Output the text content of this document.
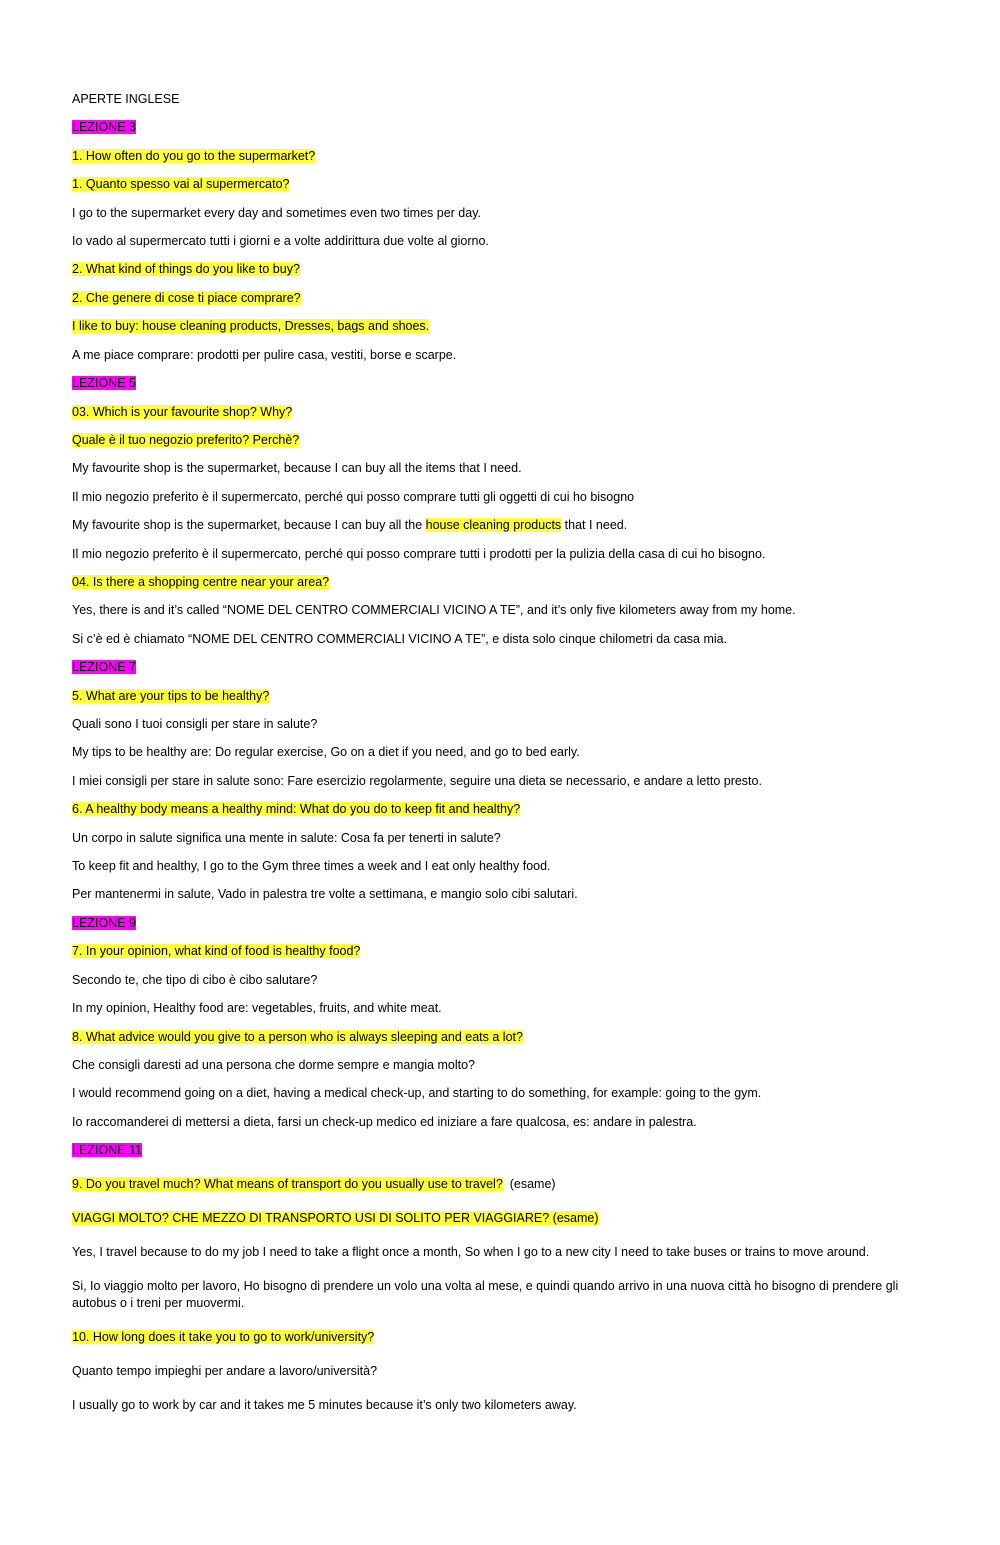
APERTE INGLESE
LEZIONE 3
1. How often do you go to the supermarket?
1. Quanto spesso vai al supermercato?
I go to the supermarket every day and sometimes even two times per day.
Io vado al supermercato tutti i giorni e a volte addirittura due volte al giorno.
2. What kind of things do you like to buy?
2. Che genere di cose ti piace comprare?
I like to buy: house cleaning products, Dresses, bags and shoes.
A me piace comprare: prodotti per pulire casa, vestiti, borse e scarpe.
LEZIONE 5
03. Which is your favourite shop? Why?
Quale è il tuo negozio preferito? Perchè?
My favourite shop is the supermarket, because I can buy all the items that I need.
Il mio negozio preferito è il supermercato, perché qui posso comprare tutti gli oggetti di cui ho bisogno
My favourite shop is the supermarket, because I can buy all the house cleaning products that I need.
Il mio negozio preferito è il supermercato, perché qui posso comprare tutti i prodotti per la pulizia della casa di cui ho bisogno.
04. Is there a shopping centre near your area?
Yes, there is and it’s called “NOME DEL CENTRO COMMERCIALI VICINO A TE”, and it’s only five kilometers away from my home.
Si c’è ed è chiamato “NOME DEL CENTRO COMMERCIALI VICINO A TE”, e dista solo cinque chilometri da casa mia.
LEZIONE 7
5. What are your tips to be healthy?
Quali sono I tuoi consigli per stare in salute?
My tips to be healthy are: Do regular exercise, Go on a diet if you need, and go to bed early.
I miei consigli per stare in salute sono: Fare esercizio regolarmente, seguire una dieta se necessario, e andare a letto presto.
6. A healthy body means a healthy mind: What do you do to keep fit and healthy?
Un corpo in salute significa una mente in salute: Cosa fa per tenerti in salute?
To keep fit and healthy, I go to the Gym three times a week and I eat only healthy food.
Per mantenermi in salute, Vado in palestra tre volte a settimana, e mangio solo cibi salutari.
LEZIONE 9
7. In your opinion, what kind of food is healthy food?
Secondo te, che tipo di cibo è cibo salutare?
In my opinion, Healthy food are: vegetables, fruits, and white meat.
8. What advice would you give to a person who is always sleeping and eats a lot?
Che consigli daresti ad una persona che dorme sempre e mangia molto?
I would recommend going on a diet, having a medical check-up, and starting to do something, for example: going to the gym.
Io raccomanderei di mettersi a dieta, farsi un check-up medico ed iniziare a fare qualcosa, es: andare in palestra.
LEZIONE 11
9. Do you travel much? What means of transport do you usually use to travel?  (esame)
VIAGGI MOLTO? CHE MEZZO DI TRANSPORTO USI DI SOLITO PER VIAGGIARE? (esame)
Yes, I travel because to do my job I need to take a flight once a month, So when I go to a new city I need to take buses or trains to move around.
Si, Io viaggio molto per lavoro, Ho bisogno di prendere un volo una volta al mese, e quindi quando arrivo in una nuova città ho bisogno di prendere gli autobus o i treni per muovermi.
10. How long does it take you to go to work/university?
Quanto tempo impieghi per andare a lavoro/università?
I usually go to work by car and it takes me 5 minutes because it’s only two kilometers away.
